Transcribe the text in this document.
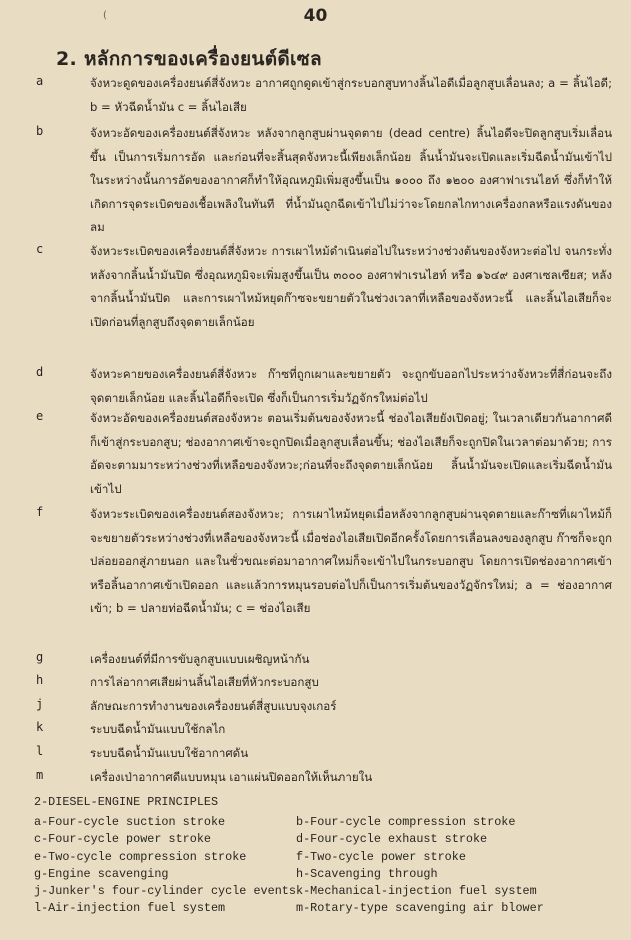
(	40
2. หลักการของเครื่องยนต์ดีเซล
a	จังหวะดูดของเครื่องยนต์สี่จังหวะ อากาศถูกดูดเข้าสู่กระบอกสูบทางลิ้นไอดีเมื่อลูกสูบเลื่อนลง; a = ลิ้นไอดี; b = หัวฉีดน้ำมัน c = ลิ้นไอเสีย
b	จังหวะอัดของเครื่องยนต์สี่จังหวะ หลังจากลูกสูบผ่านจุดตาย (dead centre) ลิ้นไอดีจะปิดลูกสูบเริ่มเลื่อนขึ้น เป็นการเริ่มการอัด และก่อนที่จะสิ้นสุดจังหวะนี้เพียงเล็กน้อย ลิ้นน้ำมันจะเปิดและเริ่มฉีดน้ำมันเข้าไป ในระหว่างนั้นการอัดของอากาศก็ทำให้อุณหภูมิเพิ่มสูงขึ้นเป็น ๑๐๐๐ ถึง ๑๒๐๐ องศาฟาเรนไฮท์ ซึ่งก็ทำให้เกิดการจุดระเบิดของเชื้อเพลิงในทันที ที่น้ำมันถูกฉีดเข้าไปไม่ว่าจะโดยกลไกทางเครื่องกลหรือแรงดันของลม
c	จังหวะระเบิดของเครื่องยนต์สี่จังหวะ การเผาไหม้ดำเนินต่อไปในระหว่างช่วงต้นของจังหวะต่อไป จนกระทั่งหลังจากลิ้นน้ำมันปิด ซึ่งอุณหภูมิจะเพิ่มสูงขึ้นเป็น ๓๐๐๐ องศาฟาเรนไฮท์ หรือ ๑๖๔๙ องศาเซลเซียส; หลังจากลิ้นน้ำมันปิด และการเผาไหม้หยุดก๊าซจะขยายตัวในช่วงเวลาที่เหลือของจังหวะนี้ และลิ้นไอเสียก็จะเปิดก่อนที่ลูกสูบถึงจุดตายเล็กน้อย
d	จังหวะคายของเครื่องยนต์สี่จังหวะ ก๊าซที่ถูกเผาและขยายตัว จะถูกขับออกไประหว่างจังหวะที่สี่ก่อนจะถึงจุดตายเล็กน้อย และลิ้นไอดีก็จะเปิด ซึ่งก็เป็นการเริ่มวัฏจักรใหม่ต่อไป
e	จังหวะอัดของเครื่องยนต์สองจังหวะ ตอนเริ่มต้นของจังหวะนี้ ช่องไอเสียยังเปิดอยู่; ในเวลาเดียวกันอากาศดีก็เข้าสู่กระบอกสูบ; ช่องอากาศเข้าจะถูกปิดเมื่อลูกสูบเลื่อนขึ้น; ช่องไอเสียก็จะถูกปิดในเวลาต่อมาด้วย; การอัดจะตามมาระหว่างช่วงที่เหลือของจังหวะ;ก่อนที่จะถึงจุดตายเล็กน้อย ลิ้นน้ำมันจะเปิดและเริ่มฉีดน้ำมันเข้าไป
f	จังหวะระเบิดของเครื่องยนต์สองจังหวะ; การเผาไหม้หยุดเมื่อหลังจากลูกสูบผ่านจุดตายและก๊าซที่เผาไหม้ก็จะขยายตัวระหว่างช่วงที่เหลือของจังหวะนี้ เมื่อช่องไอเสียเปิดอีกครั้งโดยการเลื่อนลงของลูกสูบ ก๊าซก็จะถูกปล่อยออกสู่ภายนอก และในชั่วขณะต่อมาอากาศใหม่ก็จะเข้าไปในกระบอกสูบ โดยการเปิดช่องอากาศเข้าหรือลิ้นอากาศเข้าเปิดออก และแล้วการหมุนรอบต่อไปก็เป็นการเริ่มต้นของวัฏจักรใหม่; a = ช่องอากาศเข้า; b = ปลายท่อฉีดน้ำมัน; c = ช่องไอเสีย
g	เครื่องยนต์ที่มีการขับลูกสูบแบบเผชิญหน้ากัน
h	การไล่อากาศเสียผ่านลิ้นไอเสียที่หัวกระบอกสูบ
j	ลักษณะการทำงานของเครื่องยนต์สี่สูบแบบจุงเกอร์
k	ระบบฉีดน้ำมันแบบใช้กลไก
l	ระบบฉีดน้ำมันแบบใช้อากาศดัน
m	เครื่องเป่าอากาศดีแบบหมุน เอาแผ่นปิดออกให้เห็นภายใน
2-DIESEL-ENGINE PRINCIPLES
a-Four-cycle suction stroke	b-Four-cycle compression stroke
c-Four-cycle power stroke	d-Four-cycle exhaust stroke
e-Two-cycle compression stroke	f-Two-cycle power stroke
g-Engine scavenging	h-Scavenging through
j-Junker's four-cylinder cycle events k-Mechanical-injection fuel system
l-Air-injection fuel system	m-Rotary-type scavenging air blower
